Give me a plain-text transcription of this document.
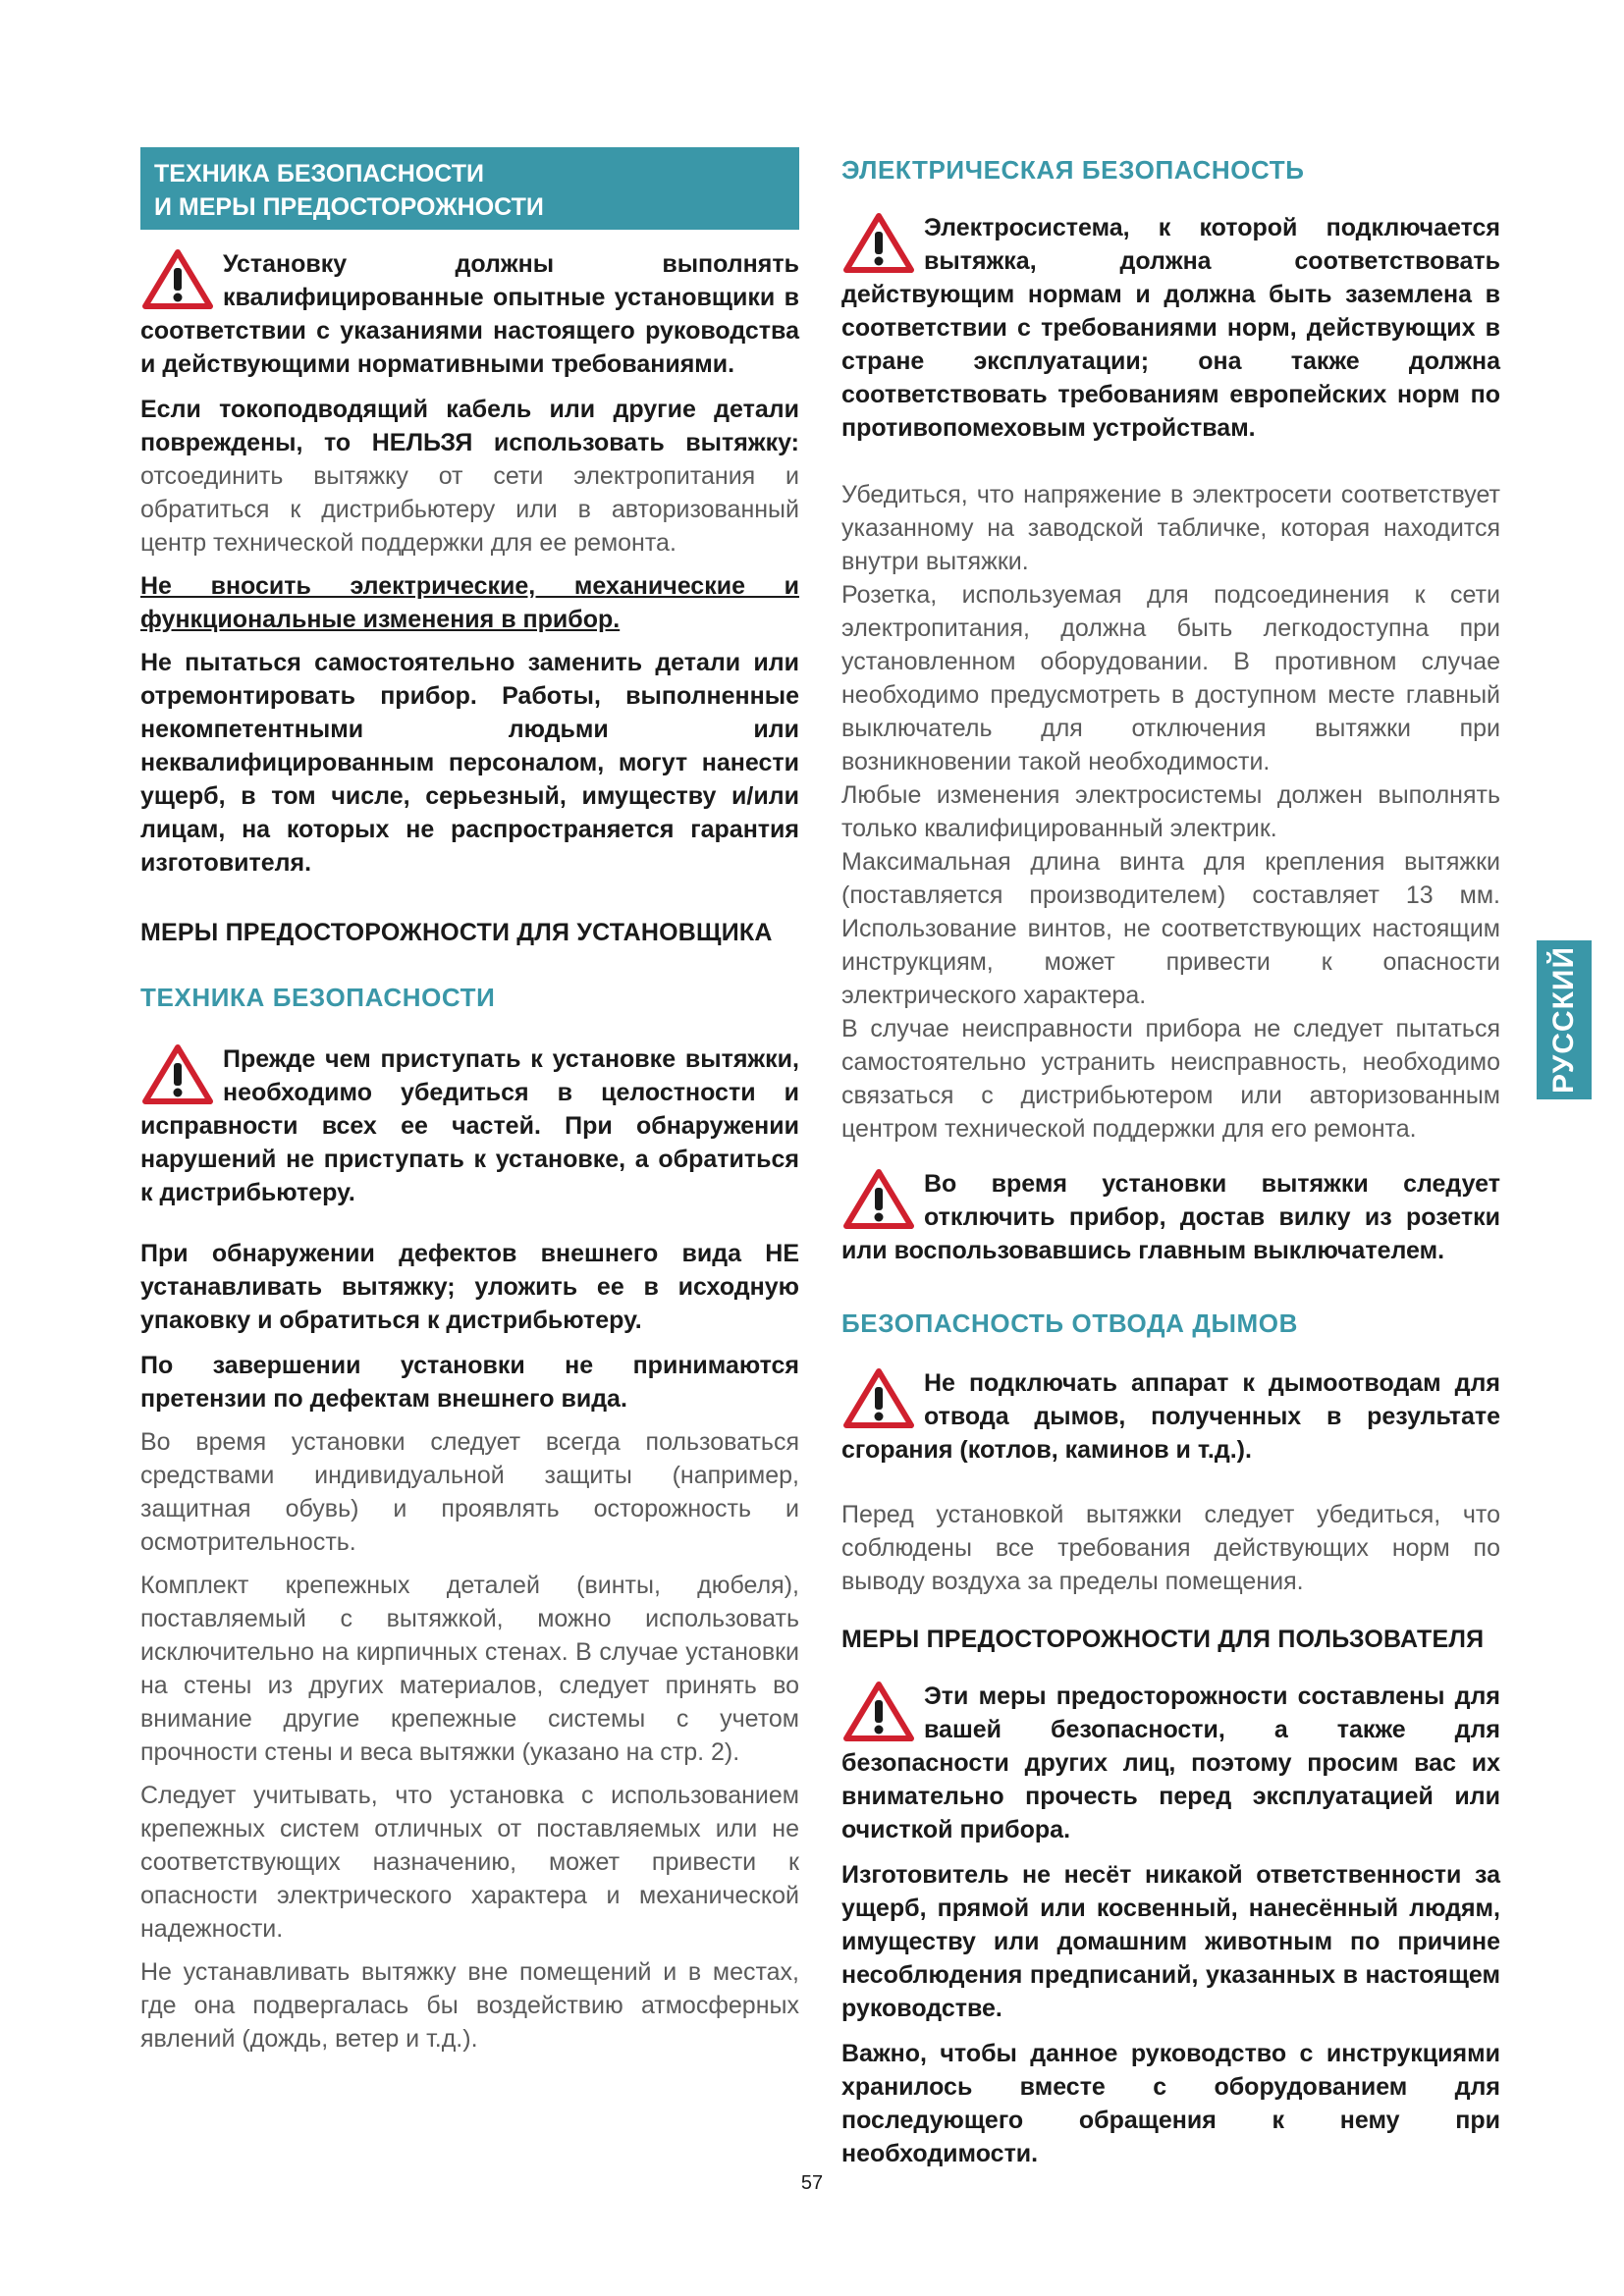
ТЕХНИКА БЕЗОПАСНОСТИ
И МЕРЫ ПРЕДОСТОРОЖНОСТИ

Установку должны выполнять квалифицированные опытные установщики в соответствии с указаниями настоящего руководства и действующими нормативными требованиями.

Если токоподводящий кабель или другие детали повреждены, то НЕЛЬЗЯ использовать вытяжку: отсоединить вытяжку от сети электропитания и обратиться к дистрибьютеру или в авторизованный центр технической поддержки для ее ремонта.

Не вносить электрические, механические и функциональные изменения в прибор.

Не пытаться самостоятельно заменить детали или отремонтировать прибор. Работы, выполненные некомпетентными людьми или неквалифицированным персоналом, могут нанести ущерб, в том числе, серьезный, имуществу и/или лицам, на которых не распространяется гарантия изготовителя.

МЕРЫ ПРЕДОСТОРОЖНОСТИ ДЛЯ УСТАНОВЩИКА
ТЕХНИКА БЕЗОПАСНОСТИ

Прежде чем приступать к установке вытяжки, необходимо убедиться в целостности и исправности всех ее частей. При обнаружении нарушений не приступать к установке, а обратиться к дистрибьютеру.

При обнаружении дефектов внешнего вида НЕ устанавливать вытяжку; уложить ее в исходную упаковку и обратиться к дистрибьютеру.

По завершении установки не принимаются претензии по дефектам внешнего вида.

Во время установки следует всегда пользоваться средствами индивидуальной защиты (например, защитная обувь) и проявлять осторожность и осмотрительность.

Комплект крепежных деталей (винты, дюбеля), поставляемый с вытяжкой, можно использовать исключительно на кирпичных стенах. В случае установки на стены из других материалов, следует принять во внимание другие крепежные системы с учетом прочности стены и веса вытяжки (указано на стр. 2).

Следует учитывать, что установка с использованием крепежных систем отличных от поставляемых или не соответствующих назначению, может привести к опасности электрического характера и механической надежности.

Не устанавливать вытяжку вне помещений и в местах, где она подвергалась бы воздействию атмосферных явлений (дождь, ветер и т.д.).

ЭЛЕКТРИЧЕСКАЯ БЕЗОПАСНОСТЬ

Электросистема, к которой подключается вытяжка, должна соответствовать действующим нормам и должна быть заземлена в соответствии с требованиями норм, действующих в стране эксплуатации; она также должна соответствовать требованиям европейских норм по противопомеховым устройствам.

Убедиться, что напряжение в электросети соответствует указанному на заводской табличке, которая находится внутри вытяжки.

Розетка, используемая для подсоединения к сети электропитания, должна быть легкодоступна при установленном оборудовании. В противном случае необходимо предусмотреть в доступном месте главный выключатель для отключения вытяжки при возникновении такой необходимости.

Любые изменения электросистемы должен выполнять только квалифицированный электрик.

Максимальная длина винта для крепления вытяжки (поставляется производителем) составляет 13 мм. Использование винтов, не соответствующих настоящим инструкциям, может привести к опасности электрического характера.

В случае неисправности прибора не следует пытаться самостоятельно устранить неисправность, необходимо связаться с дистрибьютером или авторизованным центром технической поддержки для его ремонта.

Во время установки вытяжки следует отключить прибор, достав вилку из розетки или воспользовавшись главным выключателем.

БЕЗОПАСНОСТЬ ОТВОДА ДЫМОВ

Не подключать аппарат к дымоотводам для отвода дымов, полученных в результате сгорания (котлов, каминов и т.д.).

Перед установкой вытяжки следует убедиться, что соблюдены все требования действующих норм по выводу воздуха за пределы помещения.

МЕРЫ ПРЕДОСТОРОЖНОСТИ ДЛЯ ПОЛЬЗОВАТЕЛЯ

Эти меры предосторожности составлены для вашей безопасности, а также для безопасности других лиц, поэтому просим вас их внимательно прочесть перед эксплуатацией или очисткой прибора.

Изготовитель не несёт никакой ответственности за ущерб, прямой или косвенный, нанесённый людям, имуществу или домашним животным по причине несоблюдения предписаний, указанных в настоящем руководстве.

Важно, чтобы данное руководство с инструкциями хранилось вместе с оборудованием для последующего обращения к нему при необходимости.

РУССКИЙ
57
